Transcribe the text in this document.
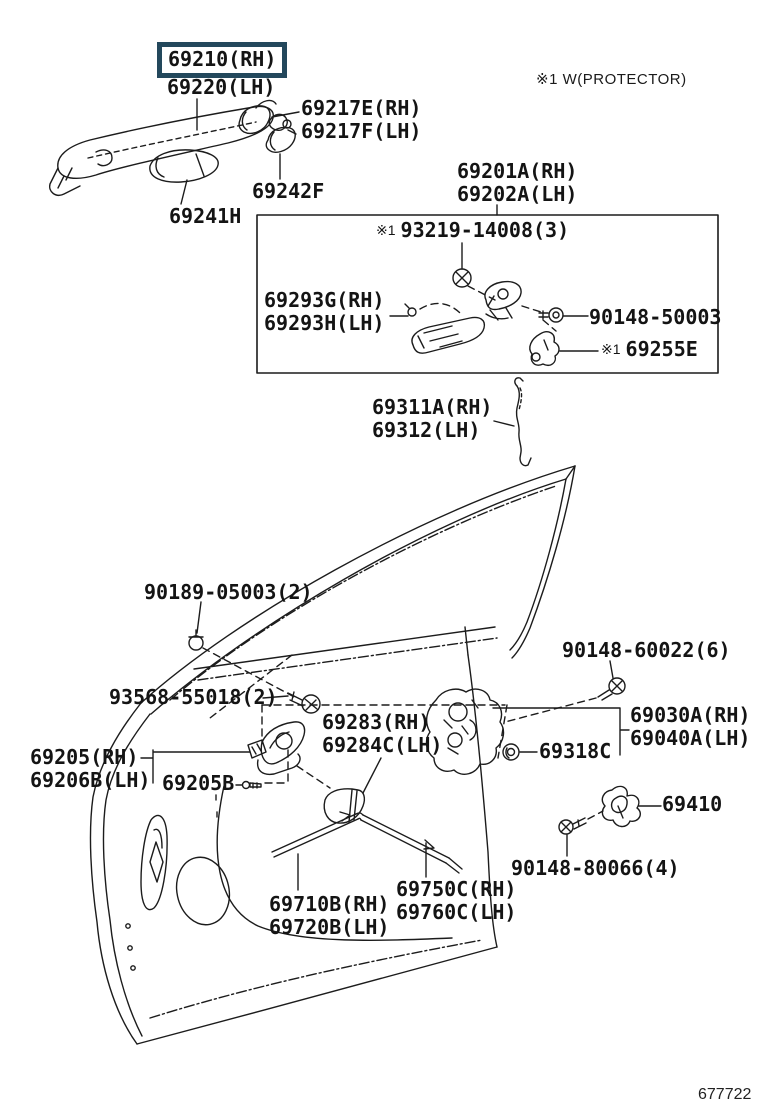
69210(RH)
69220(LH)
69217E(RH)
69217F(LH)
69242F
69241H
※1 W(PROTECTOR)
69201A(RH)
69202A(LH)
※1 93219-14008(3)
69293G(RH)
69293H(LH)	90148-50003
※1 69255E
69311A(RH)
69312(LH)
90189-05003(2)
93568-55018(2)
90148-60022(6)
69030A(RH)
69040A(LH)
69318C
69205(RH)
69206B(LH) 69205B
69283(RH)
69284C(LH)
69410
90148-80066(4)
69710B(RH)
69720B(LH)
69750C(RH)
69760C(LH)
677722
